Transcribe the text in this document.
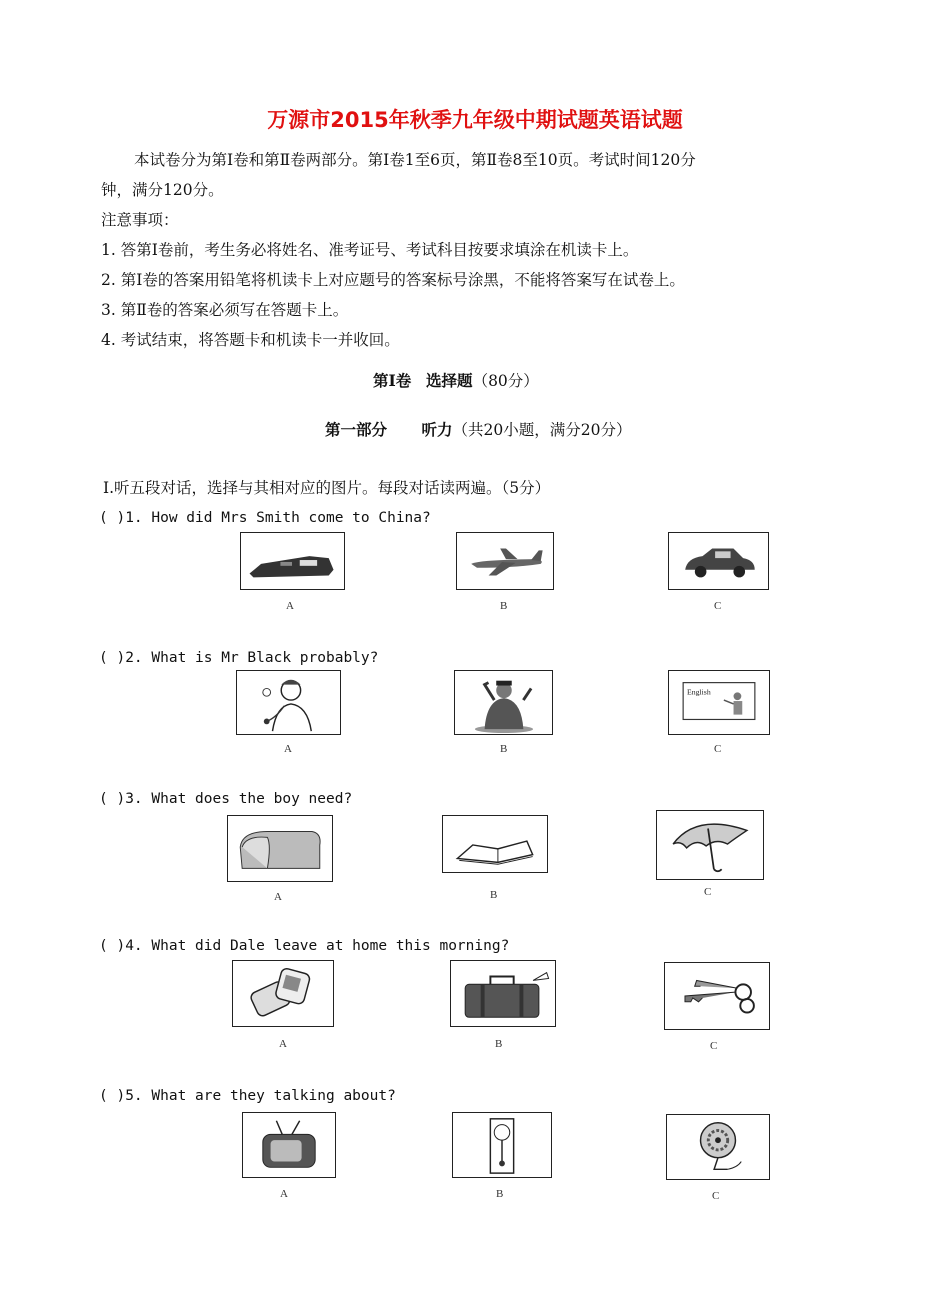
万源市2015年秋季九年级中期试题英语试题
本试卷分为第Ⅰ卷和第Ⅱ卷两部分。第Ⅰ卷1至6页，第Ⅱ卷8至10页。考试时间120分
钟，满分120分。
注意事项：
1. 答第Ⅰ卷前，考生务必将姓名、准考证号、考试科目按要求填涂在机读卡上。
2. 第Ⅰ卷的答案用铅笔将机读卡上对应题号的答案标号涂黑，不能将答案写在试卷上。
3. 第Ⅱ卷的答案必须写在答题卡上。
4. 考试结束，将答题卡和机读卡一并收回。
第Ⅰ卷 选择题（80分）
第一部分 听力（共20小题，满分20分）
Ⅰ.听五段对话，选择与其相对应的图片。每段对话读两遍。（5分）
( )1. How did Mrs Smith come to China?
A	B	C
( )2. What is Mr Black probably?
A	B
English
C
( )3. What does the boy need?
A	B	C
( )4. What did Dale leave at home this morning?
A	B	C
( )5. What are they talking about?
A	B	C
